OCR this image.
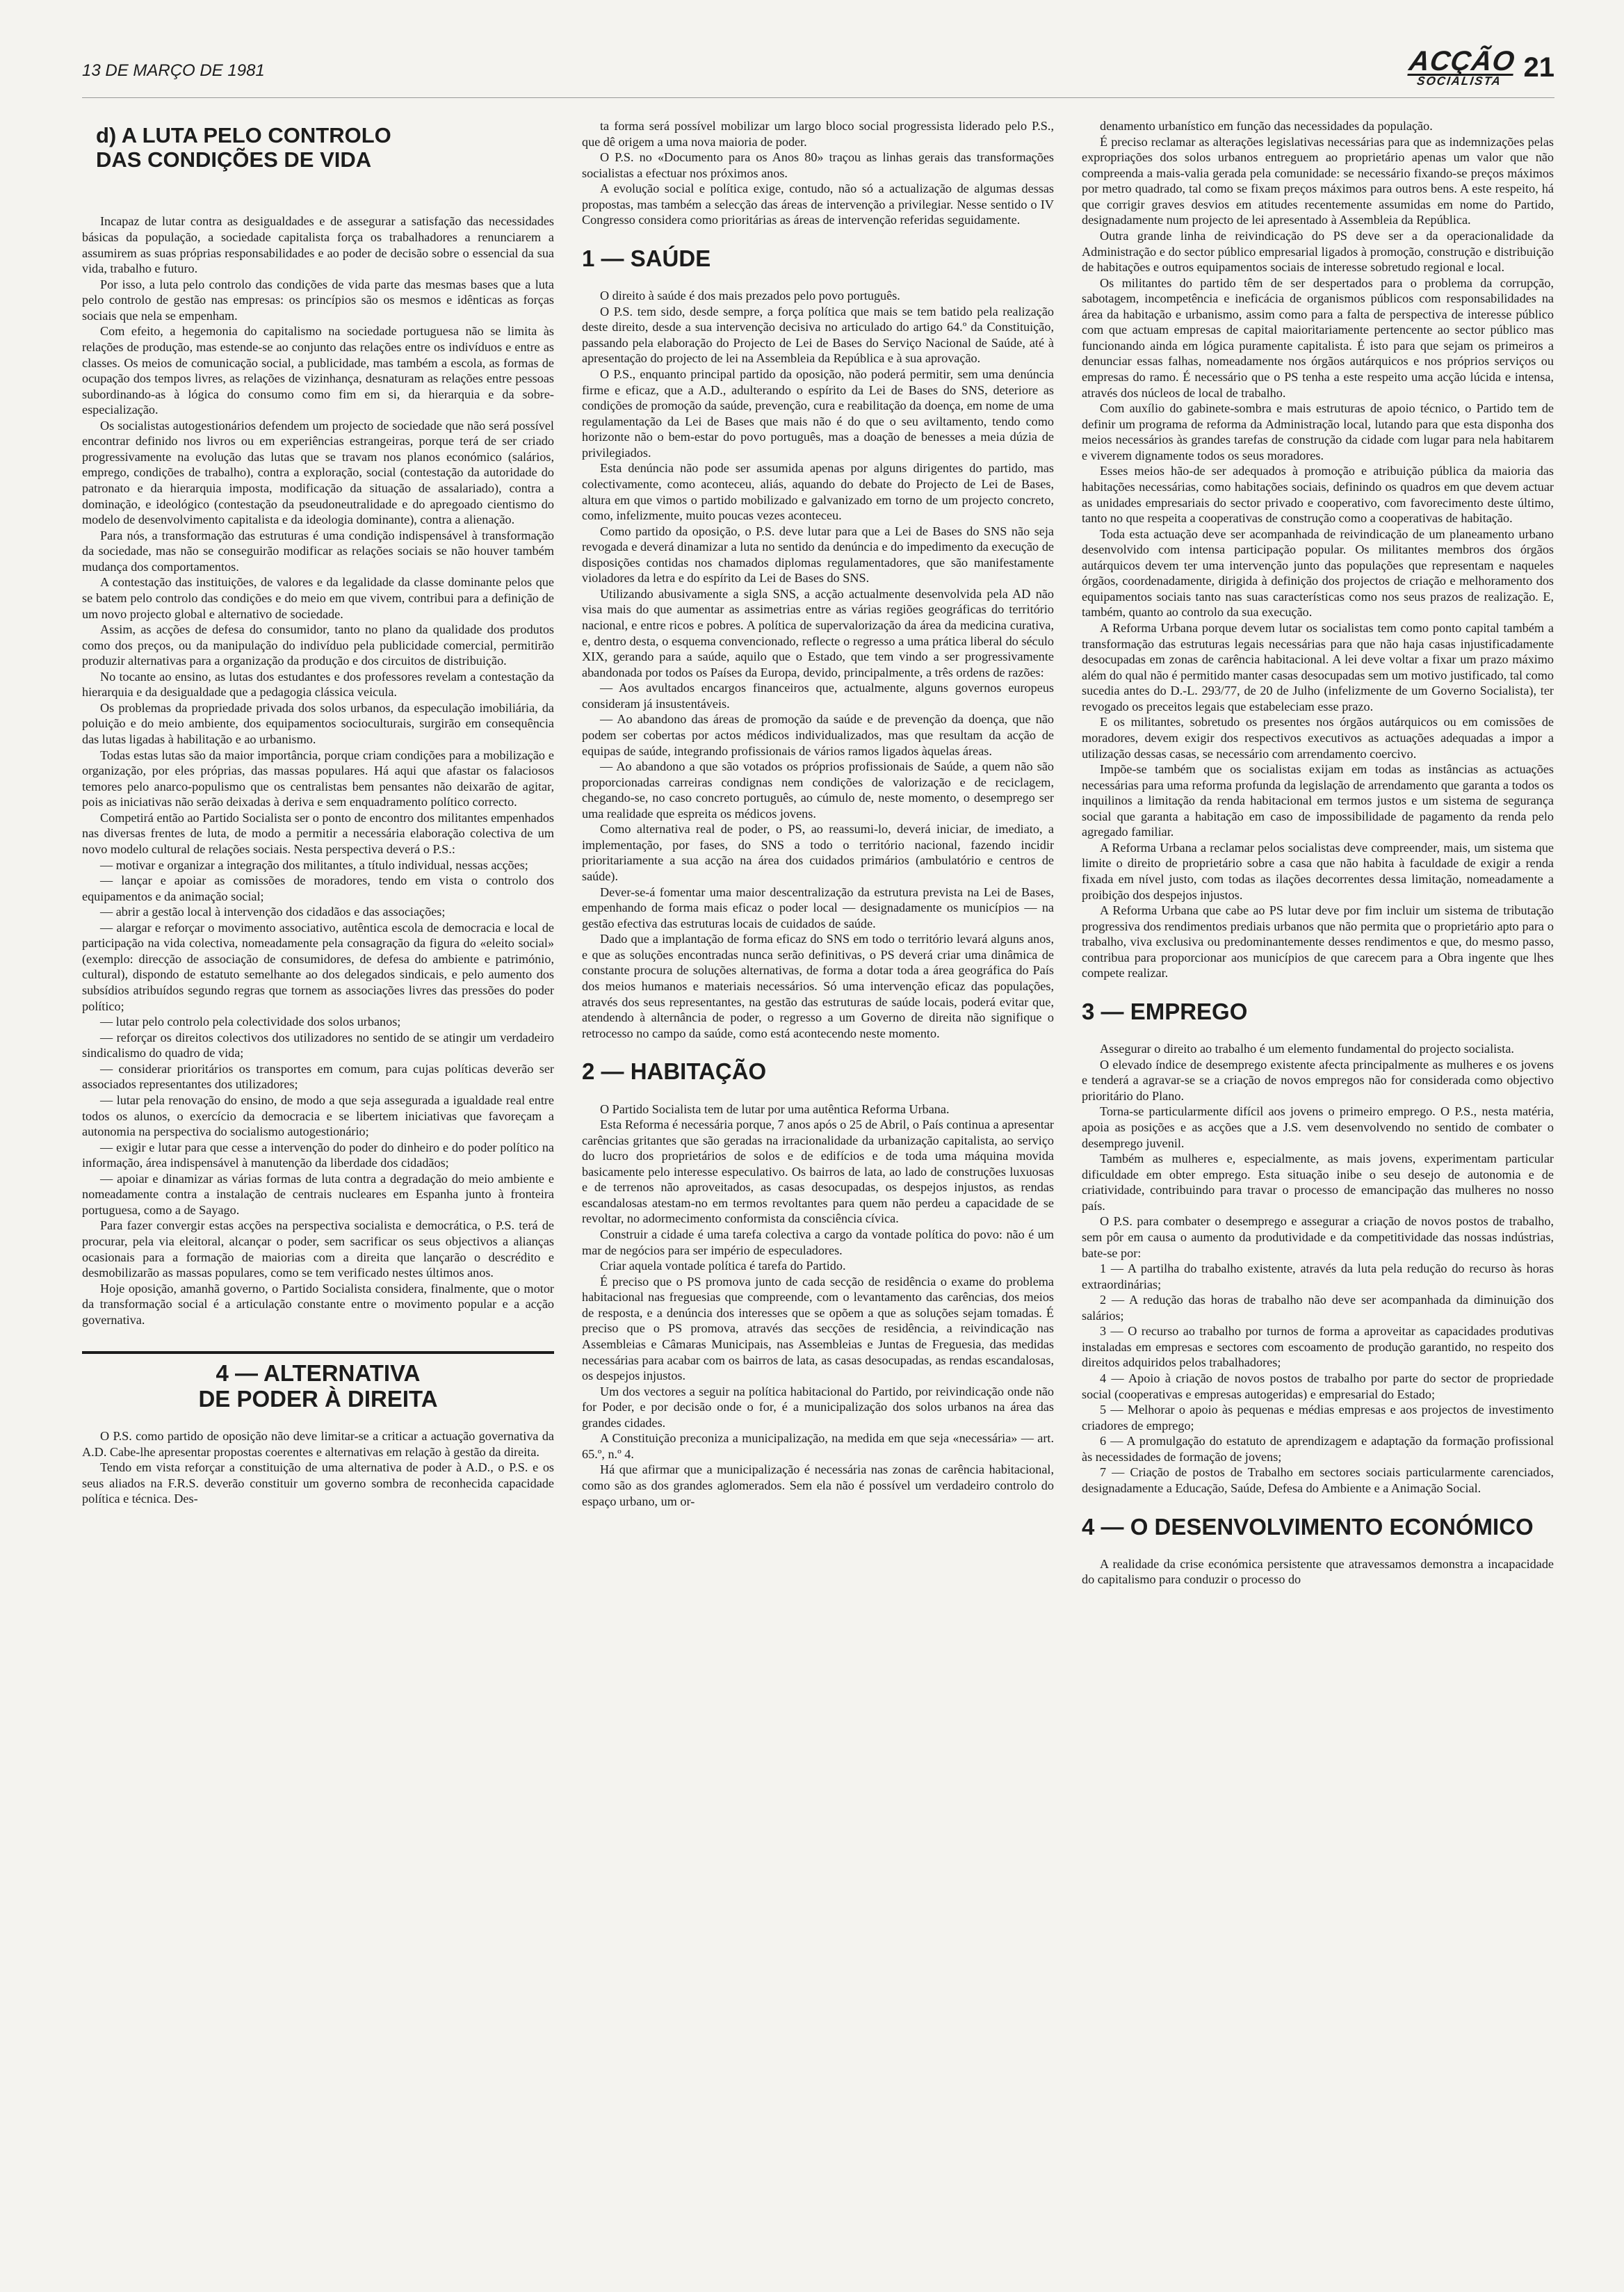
13 DE MARÇO DE 1981	ACÇÃO
SOCIALISTA 21
d) A LUTA PELO CONTROLO
DAS CONDIÇÕES DE VIDA

Incapaz de lutar contra as desigualdades e de assegurar a satisfação das necessidades básicas da população, a sociedade capitalista força os trabalhadores a renunciarem a assumirem as suas próprias responsabilidades e ao poder de decisão sobre o essencial da sua vida, trabalho e futuro.

Por isso, a luta pelo controlo das condições de vida parte das mesmas bases que a luta pelo controlo de gestão nas empresas: os princípios são os mesmos e idênticas as forças sociais que nela se empenham.

Com efeito, a hegemonia do capitalismo na sociedade portuguesa não se limita às relações de produção, mas estende-se ao conjunto das relações entre os indivíduos e entre as classes. Os meios de comunicação social, a publicidade, mas também a escola, as formas de ocupação dos tempos livres, as relações de vizinhança, desnaturam as relações entre pessoas subordinando-as à lógica do consumo como fim em si, da hierarquia e da sobre-especialização.

Os socialistas autogestionários defendem um projecto de sociedade que não será possível encontrar definido nos livros ou em experiências estrangeiras, porque terá de ser criado progressivamente na evolução das lutas que se travam nos planos económico (salários, emprego, condições de trabalho), contra a exploração, social (contestação da autoridade do patronato e da hierarquia imposta, modificação da situação de assalariado), contra a dominação, e ideológico (contestação da pseudoneutralidade e do apregoado cientismo do modelo de desenvolvimento capitalista e da ideologia dominante), contra a alienação.

Para nós, a transformação das estruturas é uma condição indispensável à transformação da sociedade, mas não se conseguirão modificar as relações sociais se não houver também mudança dos comportamentos.

A contestação das instituições, de valores e da legalidade da classe dominante pelos que se batem pelo controlo das condições e do meio em que vivem, contribui para a definição de um novo projecto global e alternativo de sociedade.

Assim, as acções de defesa do consumidor, tanto no plano da qualidade dos produtos como dos preços, ou da manipulação do indivíduo pela publicidade comercial, permitirão produzir alternativas para a organização da produção e dos circuitos de distribuição.

No tocante ao ensino, as lutas dos estudantes e dos professores revelam a contestação da hierarquia e da desigualdade que a pedagogia clássica veicula.

Os problemas da propriedade privada dos solos urbanos, da especulação imobiliária, da poluição e do meio ambiente, dos equipamentos socioculturais, surgirão em consequência das lutas ligadas à habilitação e ao urbanismo.

Todas estas lutas são da maior importância, porque criam condições para a mobilização e organização, por eles próprias, das massas populares. Há aqui que afastar os falaciosos temores pelo anarco-populismo que os centralistas bem pensantes não deixarão de agitar, pois as iniciativas não serão deixadas à deriva e sem enquadramento político correcto.

Competirá então ao Partido Socialista ser o ponto de encontro dos militantes empenhados nas diversas frentes de luta, de modo a permitir a necessária elaboração colectiva de um novo modelo cultural de relações sociais. Nesta perspectiva deverá o P.S.:

— motivar e organizar a integração dos militantes, a título individual, nessas acções;
— lançar e apoiar as comissões de moradores, tendo em vista o controlo dos equipamentos e da animação social;
— abrir a gestão local à intervenção dos cidadãos e das associações;
— alargar e reforçar o movimento associativo, autêntica escola de democracia e local de participação na vida colectiva, nomeadamente pela consagração da figura do «eleito social» (exemplo: direcção de associação de consumidores, de defesa do ambiente e património, cultural), dispondo de estatuto semelhante ao dos delegados sindicais, e pelo aumento dos subsídios atribuídos segundo regras que tornem as associações livres das pressões do poder político;
— lutar pelo controlo pela colectividade dos solos urbanos;
— reforçar os direitos colectivos dos utilizadores no sentido de se atingir um verdadeiro sindicalismo do quadro de vida;
— considerar prioritários os transportes em comum, para cujas políticas deverão ser associados representantes dos utilizadores;
— lutar pela renovação do ensino, de modo a que seja assegurada a igualdade real entre todos os alunos, o exercício da democracia e se libertem iniciativas que favoreçam a autonomia na perspectiva do socialismo autogestionário;
— exigir e lutar para que cesse a intervenção do poder do dinheiro e do poder político na informação, área indispensável à manutenção da liberdade dos cidadãos;
— apoiar e dinamizar as várias formas de luta contra a degradação do meio ambiente e nomeadamente contra a instalação de centrais nucleares em Espanha junto à fronteira portuguesa, como a de Sayago.

Para fazer convergir estas acções na perspectiva socialista e democrática, o P.S. terá de procurar, pela via eleitoral, alcançar o poder, sem sacrificar os seus objectivos a alianças ocasionais para a formação de maiorias com a direita que lançarão o descrédito e desmobilizarão as massas populares, como se tem verificado nestes últimos anos.

Hoje oposição, amanhã governo, o Partido Socialista considera, finalmente, que o motor da transformação social é a articulação constante entre o movimento popular e a acção governativa.

4 — ALTERNATIVA
DE PODER À DIREITA

O P.S. como partido de oposição não deve limitar-se a criticar a actuação governativa da A.D. Cabe-lhe apresentar propostas coerentes e alternativas em relação à gestão da direita.

Tendo em vista reforçar a constituição de uma alternativa de poder à A.D., o P.S. e os seus aliados na F.R.S. deverão constituir um governo sombra de reconhecida capacidade política e técnica. Des-

ta forma será possível mobilizar um largo bloco social progressista liderado pelo P.S., que dê origem a uma nova maioria de poder.

O P.S. no «Documento para os Anos 80» traçou as linhas gerais das transformações socialistas a efectuar nos próximos anos.

A evolução social e política exige, contudo, não só a actualização de algumas dessas propostas, mas também a selecção das áreas de intervenção a privilegiar. Nesse sentido o IV Congresso considera como prioritárias as áreas de intervenção referidas seguidamente.

1 — SAÚDE

O direito à saúde é dos mais prezados pelo povo português.

O P.S. tem sido, desde sempre, a força política que mais se tem batido pela realização deste direito, desde a sua intervenção decisiva no articulado do artigo 64.º da Constituição, passando pela elaboração do Projecto de Lei de Bases do Serviço Nacional de Saúde, até à apresentação do projecto de lei na Assembleia da República e à sua aprovação.

O P.S., enquanto principal partido da oposição, não poderá permitir, sem uma denúncia firme e eficaz, que a A.D., adulterando o espírito da Lei de Bases do SNS, deteriore as condições de promoção da saúde, prevenção, cura e reabilitação da doença, em nome de uma regulamentação da Lei de Bases que mais não é do que o seu aviltamento, tendo como horizonte não o bem-estar do povo português, mas a doação de benesses a meia dúzia de privilegiados.

Esta denúncia não pode ser assumida apenas por alguns dirigentes do partido, mas colectivamente, como aconteceu, aliás, aquando do debate do Projecto de Lei de Bases, altura em que vimos o partido mobilizado e galvanizado em torno de um projecto concreto, como, infelizmente, muito poucas vezes aconteceu.

Como partido da oposição, o P.S. deve lutar para que a Lei de Bases do SNS não seja revogada e deverá dinamizar a luta no sentido da denúncia e do impedimento da execução de disposições contidas nos chamados diplomas regulamentadores, que são manifestamente violadores da letra e do espírito da Lei de Bases do SNS.

Utilizando abusivamente a sigla SNS, a acção actualmente desenvolvida pela AD não visa mais do que aumentar as assimetrias entre as várias regiões geográficas do território nacional, e entre ricos e pobres. A política de supervalorização da área da medicina curativa, e, dentro desta, o esquema convencionado, reflecte o regresso a uma prática liberal do século XIX, gerando para a saúde, aquilo que o Estado, que tem vindo a ser progressivamente abandonada por todos os Países da Europa, devido, principalmente, a três ordens de razões:

— Aos avultados encargos financeiros que, actualmente, alguns governos europeus consideram já insustentáveis.
— Ao abandono das áreas de promoção da saúde e de prevenção da doença, que não podem ser cobertas por actos médicos individualizados, mas que resultam da acção de equipas de saúde, integrando profissionais de vários ramos ligados àquelas áreas.
— Ao abandono a que são votados os próprios profissionais de Saúde, a quem não são proporcionadas carreiras condignas nem condições de valorização e de reciclagem, chegando-se, no caso concreto português, ao cúmulo de, neste momento, o desemprego ser uma realidade que espreita os médicos jovens.

Como alternativa real de poder, o PS, ao reassumi-lo, deverá iniciar, de imediato, a implementação, por fases, do SNS a todo o território nacional, fazendo incidir prioritariamente a sua acção na área dos cuidados primários (ambulatório e centros de saúde).

Dever-se-á fomentar uma maior descentralização da estrutura prevista na Lei de Bases, empenhando de forma mais eficaz o poder local — designadamente os municípios — na gestão efectiva das estruturas locais de cuidados de saúde.

Dado que a implantação de forma eficaz do SNS em todo o território levará alguns anos, e que as soluções encontradas nunca serão definitivas, o PS deverá criar uma dinâmica de constante procura de soluções alternativas, de forma a dotar toda a área geográfica do País dos meios humanos e materiais necessários. Só uma intervenção eficaz das populações, através dos seus representantes, na gestão das estruturas de saúde locais, poderá evitar que, atendendo à alternância de poder, o regresso a um Governo de direita não signifique o retrocesso no campo da saúde, como está acontecendo neste momento.

2 — HABITAÇÃO

O Partido Socialista tem de lutar por uma autêntica Reforma Urbana.

Esta Reforma é necessária porque, 7 anos após o 25 de Abril, o País continua a apresentar carências gritantes que são geradas na irracionalidade da urbanização capitalista, ao serviço do lucro dos proprietários de solos e de edifícios e de toda uma máquina movida basicamente pelo interesse especulativo. Os bairros de lata, ao lado de construções luxuosas e de terrenos não aproveitados, as casas desocupadas, os despejos injustos, as rendas escandalosas atestam-no em termos revoltantes para quem não perdeu a capacidade de se revoltar, no adormecimento conformista da consciência cívica.

Construir a cidade é uma tarefa colectiva a cargo da vontade política do povo: não é um mar de negócios para ser império de especuladores.

Criar aquela vontade política é tarefa do Partido.

É preciso que o PS promova junto de cada secção de residência o exame do problema habitacional nas freguesias que compreende, com o levantamento das carências, dos meios de resposta, e a denúncia dos interesses que se opõem a que as soluções sejam tomadas. É preciso que o PS promova, através das secções de residência, a reivindicação nas Assembleias e Câmaras Municipais, nas Assembleias e Juntas de Freguesia, das medidas necessárias para acabar com os bairros de lata, as casas desocupadas, as rendas escandalosas, os despejos injustos.

Um dos vectores a seguir na política habitacional do Partido, por reivindicação onde não for Poder, e por decisão onde o for, é a municipalização dos solos urbanos na área das grandes cidades.

A Constituição preconiza a municipalização, na medida em que seja «necessária» — art. 65.º, n.º 4.

Há que afirmar que a municipalização é necessária nas zonas de carência habitacional, como são as dos grandes aglomerados. Sem ela não é possível um verdadeiro controlo do espaço urbano, um or-

denamento urbanístico em função das necessidades da população.

É preciso reclamar as alterações legislativas necessárias para que as indemnizações pelas expropriações dos solos urbanos entreguem ao proprietário apenas um valor que não compreenda a mais-valia gerada pela comunidade: se necessário fixando-se preços máximos por metro quadrado, tal como se fixam preços máximos para outros bens. A este respeito, há que corrigir graves desvios em atitudes recentemente assumidas em nome do Partido, designadamente num projecto de lei apresentado à Assembleia da República.

Outra grande linha de reivindicação do PS deve ser a da operacionalidade da Administração e do sector público empresarial ligados à promoção, construção e distribuição de habitações e outros equipamentos sociais de interesse sobretudo regional e local.

Os militantes do partido têm de ser despertados para o problema da corrupção, sabotagem, incompetência e ineficácia de organismos públicos com responsabilidades na área da habitação e urbanismo, assim como para a falta de perspectiva de interesse público com que actuam empresas de capital maioritariamente pertencente ao sector público mas funcionando ainda em lógica puramente capitalista. É isto para que sejam os primeiros a denunciar essas falhas, nomeadamente nos órgãos autárquicos e nos próprios serviços ou empresas do ramo. É necessário que o PS tenha a este respeito uma acção lúcida e intensa, através dos núcleos de local de trabalho.

Com auxílio do gabinete-sombra e mais estruturas de apoio técnico, o Partido tem de definir um programa de reforma da Administração local, lutando para que esta disponha dos meios necessários às grandes tarefas de construção da cidade com lugar para nela habitarem e viverem dignamente todos os seus moradores.

Esses meios hão-de ser adequados à promoção e atribuição pública da maioria das habitações necessárias, como habitações sociais, definindo os quadros em que devem actuar as unidades empresariais do sector privado e cooperativo, com favorecimento deste último, tanto no que respeita a cooperativas de construção como a cooperativas de habitação.

Toda esta actuação deve ser acompanhada de reivindicação de um planeamento urbano desenvolvido com intensa participação popular. Os militantes membros dos órgãos autárquicos devem ter uma intervenção junto das populações que representam e naqueles órgãos, coordenadamente, dirigida à definição dos projectos de criação e melhoramento dos equipamentos sociais tanto nas suas características como nos seus prazos de realização. E, também, quanto ao controlo da sua execução.

A Reforma Urbana porque devem lutar os socialistas tem como ponto capital também a transformação das estruturas legais necessárias para que não haja casas injustificadamente desocupadas em zonas de carência habitacional. A lei deve voltar a fixar um prazo máximo além do qual não é permitido manter casas desocupadas sem um motivo justificado, tal como sucedia antes do D.-L. 293/77, de 20 de Julho (infelizmente de um Governo Socialista), ter revogado os preceitos legais que estabeleciam esse prazo.

E os militantes, sobretudo os presentes nos órgãos autárquicos ou em comissões de moradores, devem exigir dos respectivos executivos as actuações adequadas a impor a utilização dessas casas, se necessário com arrendamento coercivo.

Impõe-se também que os socialistas exijam em todas as instâncias as actuações necessárias para uma reforma profunda da legislação de arrendamento que garanta a todos os inquilinos a limitação da renda habitacional em termos justos e um sistema de segurança social que garanta a habitação em caso de impossibilidade de pagamento da renda pelo agregado familiar.

A Reforma Urbana a reclamar pelos socialistas deve compreender, mais, um sistema que limite o direito de proprietário sobre a casa que não habita à faculdade de exigir a renda fixada em nível justo, com todas as ilações decorrentes dessa limitação, nomeadamente a proibição dos despejos injustos.

A Reforma Urbana que cabe ao PS lutar deve por fim incluir um sistema de tributação progressiva dos rendimentos prediais urbanos que não permita que o proprietário apto para o trabalho, viva exclusiva ou predominantemente desses rendimentos e que, do mesmo passo, contribua para proporcionar aos municípios de que carecem para a Obra ingente que lhes compete realizar.

3 — EMPREGO

Assegurar o direito ao trabalho é um elemento fundamental do projecto socialista.

O elevado índice de desemprego existente afecta principalmente as mulheres e os jovens e tenderá a agravar-se se a criação de novos empregos não for considerada como objectivo prioritário do Plano.

Torna-se particularmente difícil aos jovens o primeiro emprego. O P.S., nesta matéria, apoia as posições e as acções que a J.S. vem desenvolvendo no sentido de combater o desemprego juvenil.

Também as mulheres e, especialmente, as mais jovens, experimentam particular dificuldade em obter emprego. Esta situação inibe o seu desejo de autonomia e de criatividade, contribuindo para travar o processo de emancipação das mulheres no nosso país.

O P.S. para combater o desemprego e assegurar a criação de novos postos de trabalho, sem pôr em causa o aumento da produtividade e da competitividade das nossas indústrias, bate-se por:

1 — A partilha do trabalho existente, através da luta pela redução do recurso às horas extraordinárias;
2 — A redução das horas de trabalho não deve ser acompanhada da diminuição dos salários;
3 — O recurso ao trabalho por turnos de forma a aproveitar as capacidades produtivas instaladas em empresas e sectores com escoamento de produção garantido, no respeito dos direitos adquiridos pelos trabalhadores;
4 — Apoio à criação de novos postos de trabalho por parte do sector de propriedade social (cooperativas e empresas autogeridas) e empresarial do Estado;
5 — Melhorar o apoio às pequenas e médias empresas e aos projectos de investimento criadores de emprego;
6 — A promulgação do estatuto de aprendizagem e adaptação da formação profissional às necessidades de formação de jovens;
7 — Criação de postos de Trabalho em sectores sociais particularmente carenciados, designadamente a Educação, Saúde, Defesa do Ambiente e a Animação Social.
4 — O DESENVOLVIMENTO ECONÓMICO

A realidade da crise económica persistente que atravessamos demonstra a incapacidade do capitalismo para conduzir o processo do
